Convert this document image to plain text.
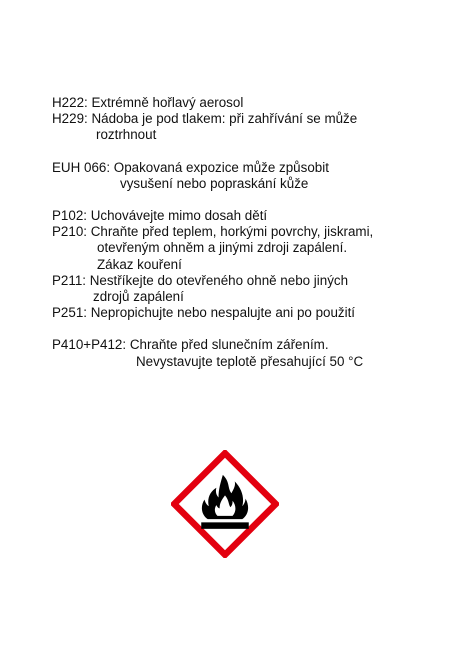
H222: Extrémně hořlavý aerosol
H229: Nádoba je pod tlakem: při zahřívání se může
roztrhnout
EUH 066: Opakovaná expozice může způsobit
vysušení nebo popraskání kůže
P102: Uchovávejte mimo dosah dětí
P210: Chraňte před teplem, horkými povrchy, jiskrami,
otevřeným ohněm a jinými zdroji zapálení.
Zákaz kouření
P211: Nestříkejte do otevřeného ohně nebo jiných
zdrojů zapálení
P251: Nepropichujte nebo nespalujte ani po použití
P410+P412: Chraňte před slunečním zářením.
Nevystavujte teplotě přesahující 50 °C
